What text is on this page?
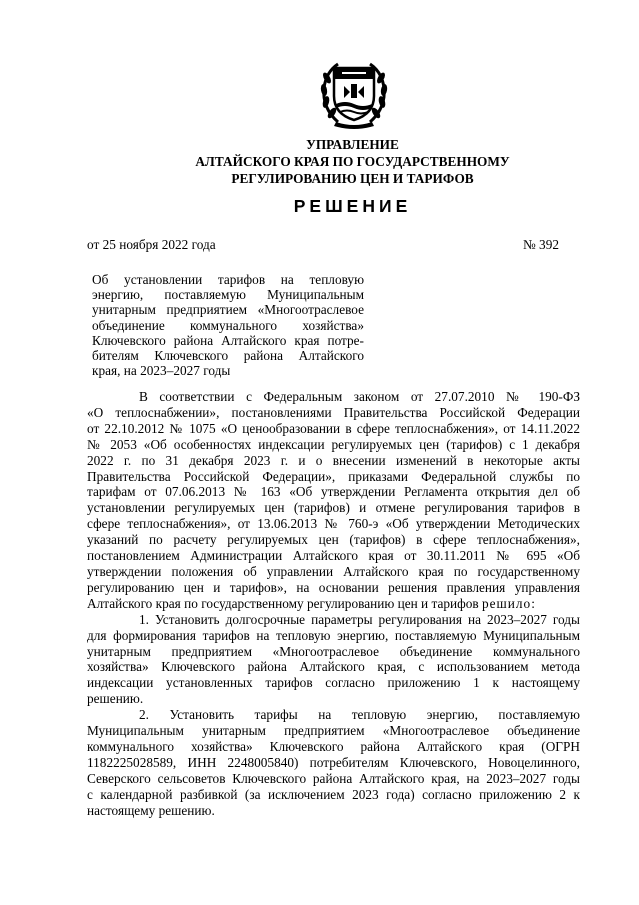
УПРАВЛЕНИЕ
АЛТАЙСКОГО КРАЯ ПО ГОСУДАРСТВЕННОМУ
РЕГУЛИРОВАНИЮ ЦЕН И ТАРИФОВ
РЕШЕНИЕ
от 25 ноября 2022 года	№ 392
Об установлении тарифов на тепловую
энергию, поставляемую Муниципальным
унитарным предприятием «Многоотраслевое
объединение коммунального хозяйства»
Ключевского района Алтайского края потре-
бителям Ключевского района Алтайского
края, на 2023–2027 годы
В соответствии с Федеральным законом от 27.07.2010 № 190-ФЗ
«О теплоснабжении», постановлениями Правительства Российской Федерации
от 22.10.2012 № 1075 «О ценообразовании в сфере теплоснабжения», от 14.11.2022
№ 2053 «Об особенностях индексации регулируемых цен (тарифов) с 1 декабря
2022 г. по 31 декабря 2023 г. и о внесении изменений в некоторые акты
Правительства Российской Федерации», приказами Федеральной службы по
тарифам от 07.06.2013 № 163 «Об утверждении Регламента открытия дел об
установлении регулируемых цен (тарифов) и отмене регулирования тарифов в
сфере теплоснабжения», от 13.06.2013 № 760-э «Об утверждении Методических
указаний по расчету регулируемых цен (тарифов) в сфере теплоснабжения»,
постановлением Администрации Алтайского края от 30.11.2011 № 695 «Об
утверждении положения об управлении Алтайского края по государственному
регулированию цен и тарифов», на основании решения правления управления
Алтайского края по государственному регулированию цен и тарифов решило:
1. Установить долгосрочные параметры регулирования на 2023–2027 годы
для формирования тарифов на тепловую энергию, поставляемую Муниципальным
унитарным предприятием «Многоотраслевое объединение коммунального
хозяйства» Ключевского района Алтайского края, с использованием метода
индексации установленных тарифов согласно приложению 1 к настоящему
решению.
2. Установить тарифы на тепловую энергию, поставляемую
Муниципальным унитарным предприятием «Многоотраслевое объединение
коммунального хозяйства» Ключевского района Алтайского края (ОГРН
1182225028589, ИНН 2248005840) потребителям Ключевского, Новоцелинного,
Северского сельсоветов Ключевского района Алтайского края, на 2023–2027 годы
с календарной разбивкой (за исключением 2023 года) согласно приложению 2 к
настоящему решению.
